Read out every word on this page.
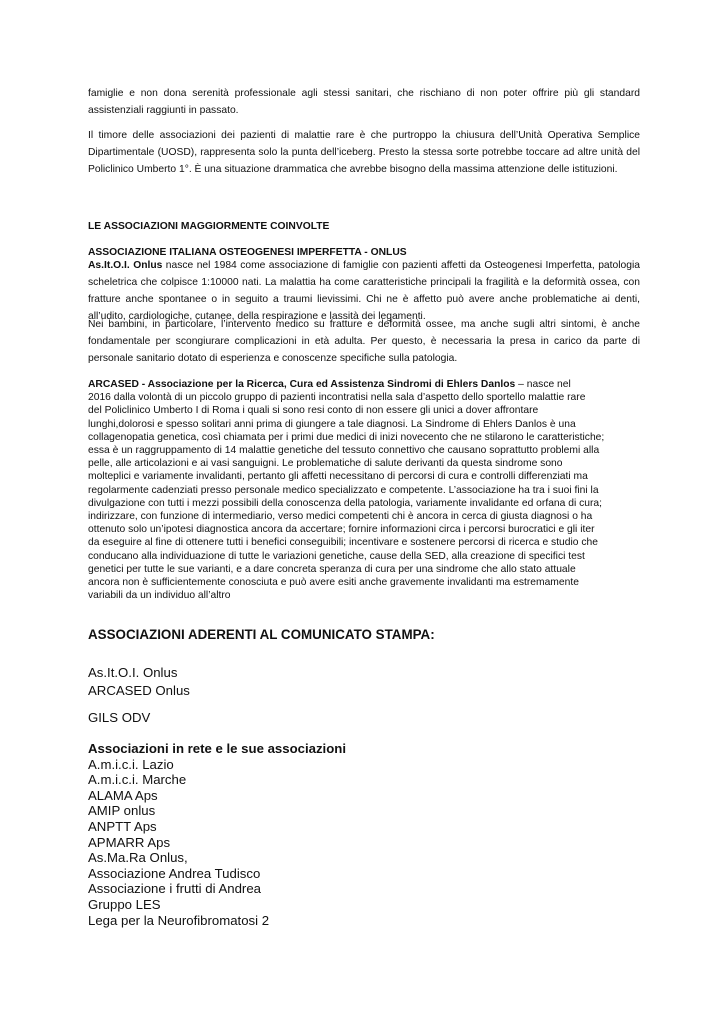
famiglie e non dona serenità professionale agli stessi sanitari, che rischiano di non poter offrire più gli standard assistenziali raggiunti in passato.

Il timore delle associazioni dei pazienti di malattie rare è che purtroppo la chiusura dell’Unità Operativa Semplice Dipartimentale (UOSD), rappresenta solo la punta dell’iceberg. Presto la stessa sorte potrebbe toccare ad altre unità del Policlinico Umberto 1°. È una situazione drammatica che avrebbe bisogno della massima attenzione delle istituzioni.

LE ASSOCIAZIONI MAGGIORMENTE COINVOLTE

ASSOCIAZIONE ITALIANA OSTEOGENESI IMPERFETTA - ONLUS

As.It.O.I. Onlus nasce nel 1984 come associazione di famiglie con pazienti affetti da Osteogenesi Imperfetta, patologia scheletrica che colpisce 1:10000 nati. La malattia ha come caratteristiche principali la fragilità e la deformità ossea, con fratture anche spontanee o in seguito a traumi lievissimi. Chi ne è affetto può avere anche problematiche ai denti, all’udito, cardiologiche, cutanee, della respirazione e lassità dei legamenti.

Nei bambini, in particolare, l’intervento medico su fratture e deformità ossee, ma anche sugli altri sintomi, è anche fondamentale per scongiurare complicazioni in età adulta. Per questo, è necessaria la presa in carico da parte di personale sanitario dotato di esperienza e conoscenze specifiche sulla patologia.

ARCASED - Associazione per la Ricerca, Cura ed Assistenza Sindromi di Ehlers Danlos – nasce nel
2016 dalla volontà di un piccolo gruppo di pazienti incontratisi nella sala d’aspetto dello sportello malattie rare
del Policlinico Umberto I di Roma i quali si sono resi conto di non essere gli unici a dover affrontare
lunghi,dolorosi e spesso solitari anni prima di giungere a tale diagnosi. La Sindrome di Ehlers Danlos è una
collagenopatia genetica, così chiamata per i primi due medici di inizi novecento che ne stilarono le caratteristiche;
essa è un raggruppamento di 14 malattie genetiche del tessuto connettivo che causano soprattutto problemi alla
pelle, alle articolazioni e ai vasi sanguigni. Le problematiche di salute derivanti da questa sindrome sono
molteplici e variamente invalidanti, pertanto gli affetti necessitano di percorsi di cura e controlli differenziati ma
regolarmente cadenziati presso personale medico specializzato e competente. L’associazione ha tra i suoi fini la
divulgazione con tutti i mezzi possibili della conoscenza della patologia, variamente invalidante ed orfana di cura;
indirizzare, con funzione di intermediario, verso medici competenti chi è ancora in cerca di giusta diagnosi o ha
ottenuto solo un’ipotesi diagnostica ancora da accertare; fornire informazioni circa i percorsi burocratici e gli iter
da eseguire al fine di ottenere tutti i benefici conseguibili; incentivare e sostenere percorsi di ricerca e studio che
conducano alla individuazione di tutte le variazioni genetiche, cause della SED, alla creazione di specifici test
genetici per tutte le sue varianti, e a dare concreta speranza di cura per una sindrome che allo stato attuale
ancora non è sufficientemente conosciuta e può avere esiti anche gravemente invalidanti ma estremamente
variabili da un individuo all’altro

ASSOCIAZIONI ADERENTI AL COMUNICATO STAMPA:

As.It.O.I. Onlus
ARCASED Onlus
GILS ODV
Associazioni in rete e le sue associazioni
A.m.i.c.i. Lazio
A.m.i.c.i. Marche
ALAMA Aps
AMIP onlus
ANPTT Aps
APMARR Aps
As.Ma.Ra Onlus,
Associazione Andrea Tudisco
Associazione i frutti di Andrea
Gruppo LES
Lega per la Neurofibromatosi 2
